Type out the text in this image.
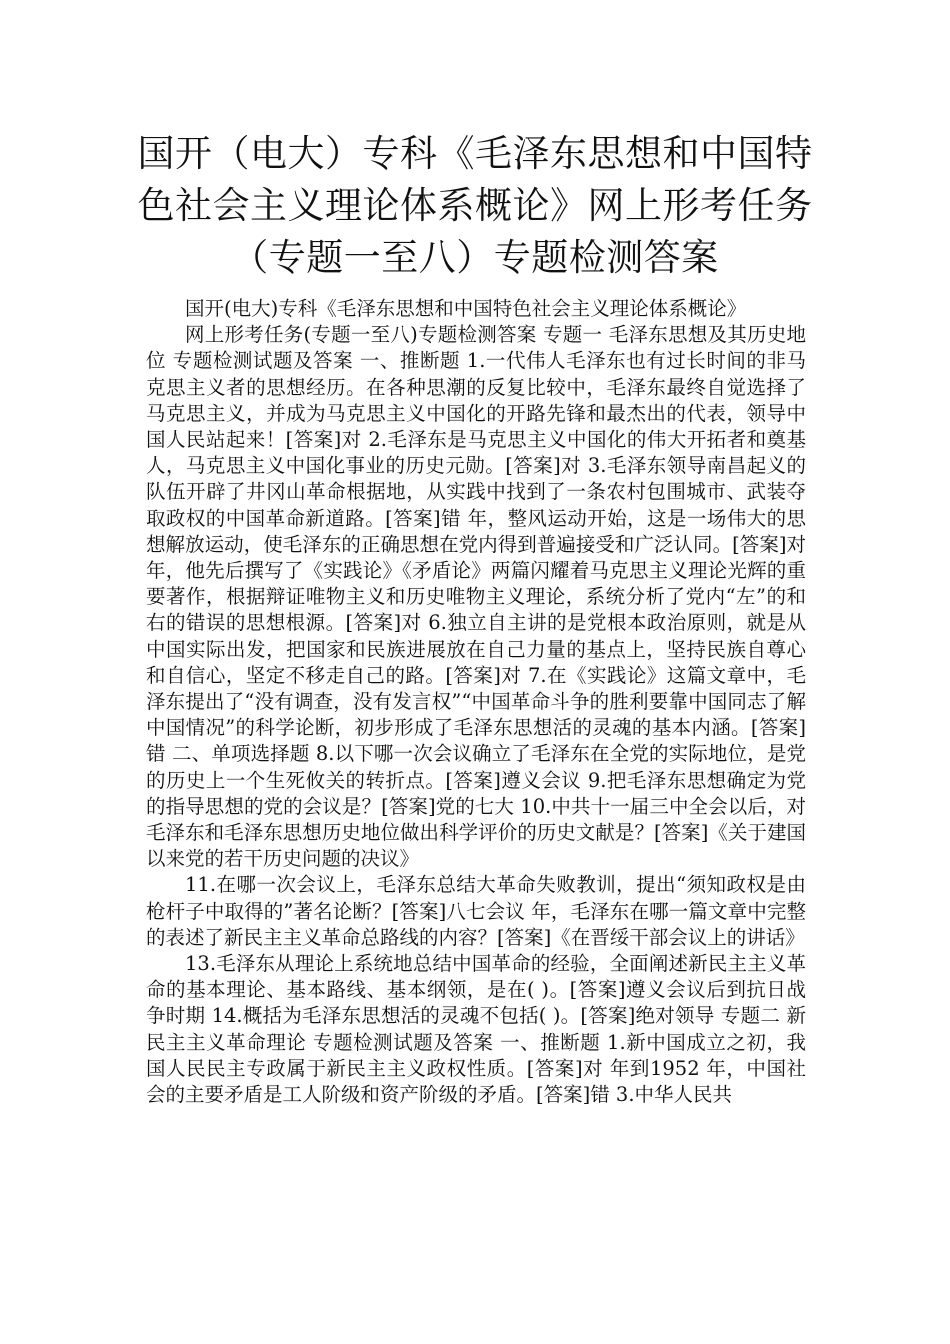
国开（电大）专科《毛泽东思想和中国特色社会主义理论体系概论》网上形考任务（专题一至八）专题检测答案

国开(电大)专科《毛泽东思想和中国特色社会主义理论体系概论》

网上形考任务(专题一至八)专题检测答案 专题一 毛泽东思想及其历史地位 专题检测试题及答案 一、推断题 1.一代伟人毛泽东也有过长时间的非马克思主义者的思想经历。在各种思潮的反复比较中，毛泽东最终自觉选择了马克思主义，并成为马克思主义中国化的开路先锋和最杰出的代表，领导中国人民站起来！[答案]对 2.毛泽东是马克思主义中国化的伟大开拓者和奠基人，马克思主义中国化事业的历史元勋。[答案]对 3.毛泽东领导南昌起义的队伍开辟了井冈山革命根据地，从实践中找到了一条农村包围城市、武装夺取政权的中国革命新道路。[答案]错 年，整风运动开始，这是一场伟大的思想解放运动，使毛泽东的正确思想在党内得到普遍接受和广泛认同。[答案]对 年，他先后撰写了《实践论》《矛盾论》两篇闪耀着马克思主义理论光辉的重要著作，根据辩证唯物主义和历史唯物主义理论，系统分析了党内“左”的和右的错误的思想根源。[答案]对 6.独立自主讲的是党根本政治原则，就是从中国实际出发，把国家和民族进展放在自己力量的基点上，坚持民族自尊心和自信心，坚定不移走自己的路。[答案]对 7.在《实践论》这篇文章中，毛泽东提出了“没有调查，没有发言权”“中国革命斗争的胜利要靠中国同志了解中国情况”的科学论断，初步形成了毛泽东思想活的灵魂的基本内涵。[答案]错 二、单项选择题 8.以下哪一次会议确立了毛泽东在全党的实际地位，是党的历史上一个生死攸关的转折点。[答案]遵义会议 9.把毛泽东思想确定为党的指导思想的党的会议是？[答案]党的七大 10.中共十一届三中全会以后，对毛泽东和毛泽东思想历史地位做出科学评价的历史文献是？[答案]《关于建国以来党的若干历史问题的决议》

11.在哪一次会议上，毛泽东总结大革命失败教训，提出“须知政权是由枪杆子中取得的”著名论断？[答案]八七会议 年，毛泽东在哪一篇文章中完整的表述了新民主主义革命总路线的内容？[答案]《在晋绥干部会议上的讲话》

13.毛泽东从理论上系统地总结中国革命的经验，全面阐述新民主主义革命的基本理论、基本路线、基本纲领，是在( )。[答案]遵义会议后到抗日战争时期 14.概括为毛泽东思想活的灵魂不包括( )。[答案]绝对领导 专题二 新民主主义革命理论 专题检测试题及答案 一、推断题 1.新中国成立之初，我国人民民主专政属于新民主主义政权性质。[答案]对 年到1952 年，中国社会的主要矛盾是工人阶级和资产阶级的矛盾。[答案]错 3.中华人民共
